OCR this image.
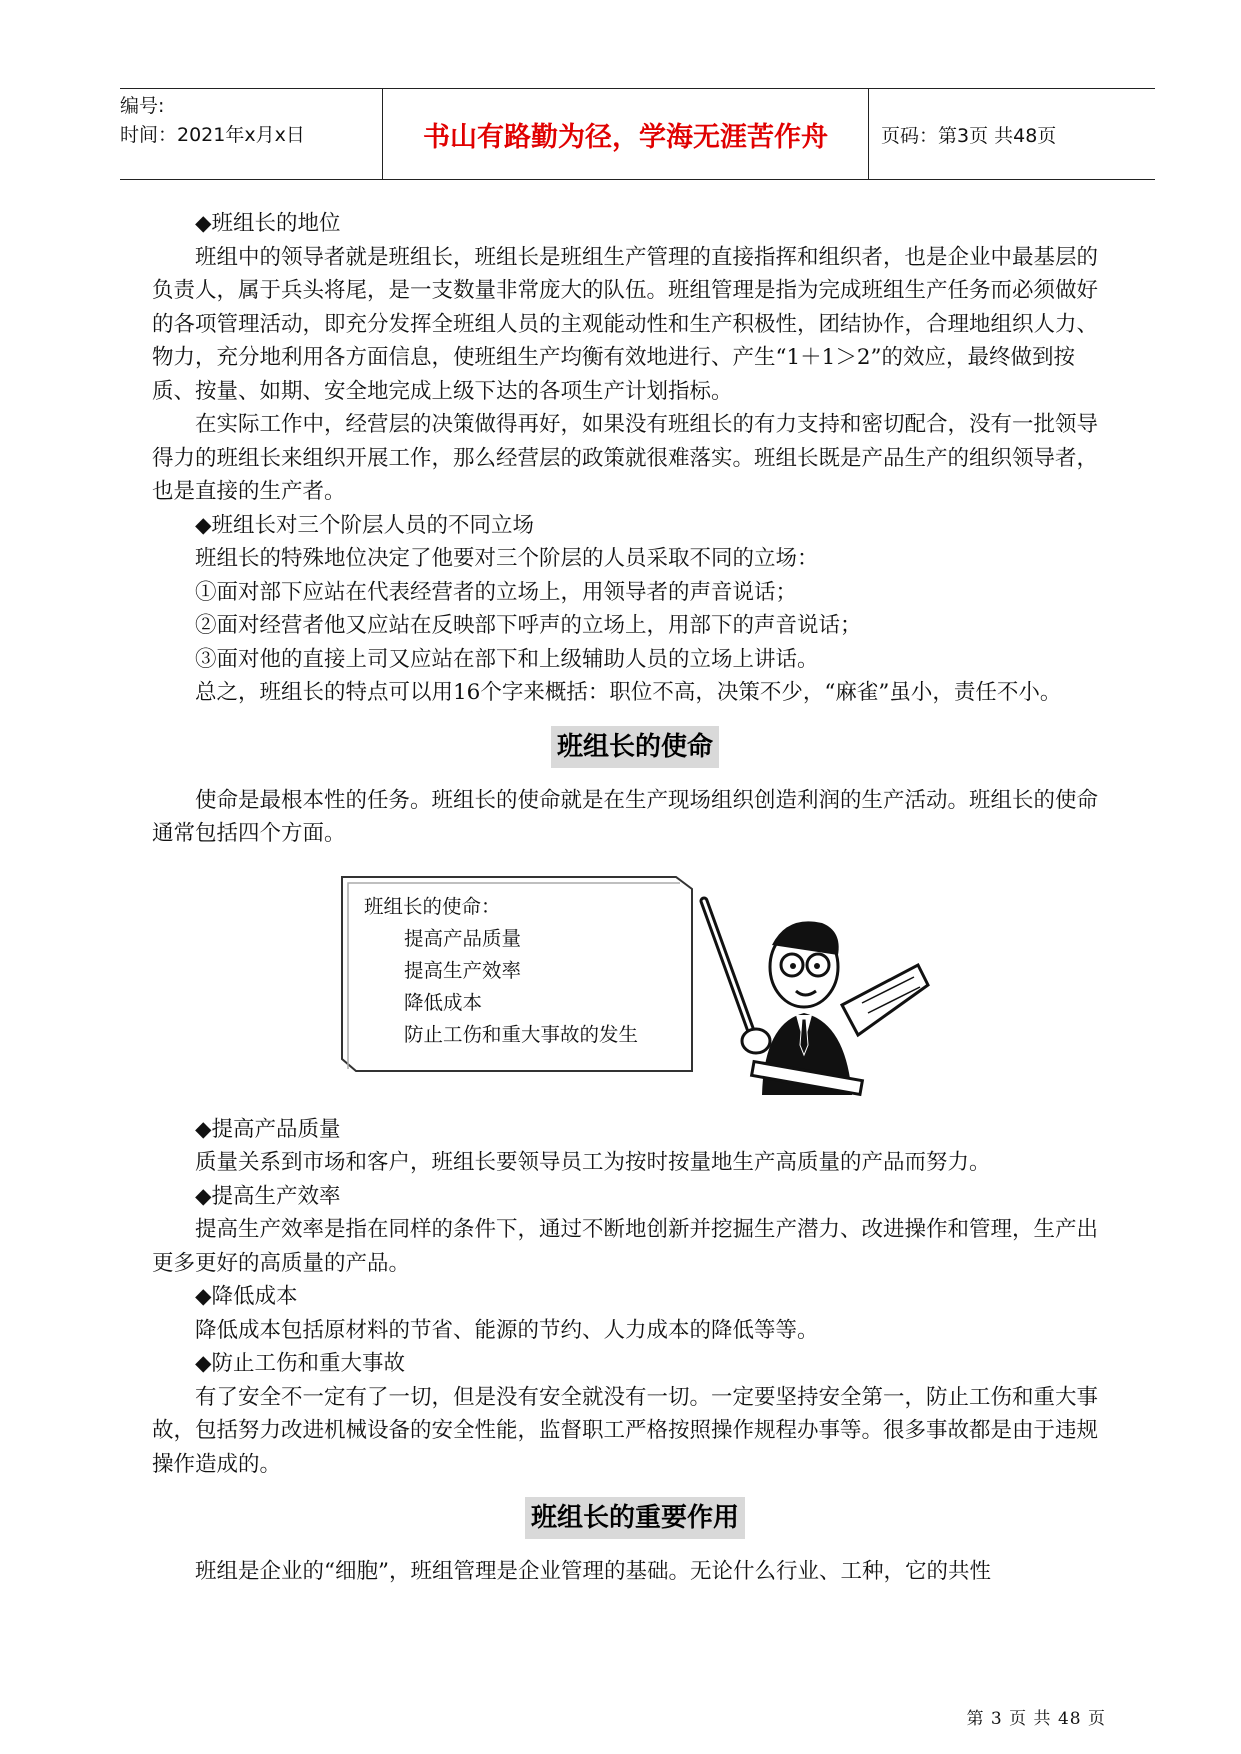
编号:
时间：2021年x月x日	书山有路勤为径，学海无涯苦作舟	页码：第3页 共48页

◆班组长的地位

班组中的领导者就是班组长，班组长是班组生产管理的直接指挥和组织者，也是企业中最基层的负责人，属于兵头将尾，是一支数量非常庞大的队伍。班组管理是指为完成班组生产任务而必须做好的各项管理活动，即充分发挥全班组人员的主观能动性和生产积极性，团结协作，合理地组织人力、物力，充分地利用各方面信息，使班组生产均衡有效地进行、产生“1＋1＞2”的效应，最终做到按质、按量、如期、安全地完成上级下达的各项生产计划指标。

在实际工作中，经营层的决策做得再好，如果没有班组长的有力支持和密切配合，没有一批领导得力的班组长来组织开展工作，那么经营层的政策就很难落实。班组长既是产品生产的组织领导者，也是直接的生产者。

◆班组长对三个阶层人员的不同立场

班组长的特殊地位决定了他要对三个阶层的人员采取不同的立场：

①面对部下应站在代表经营者的立场上，用领导者的声音说话；

②面对经营者他又应站在反映部下呼声的立场上，用部下的声音说话；

③面对他的直接上司又应站在部下和上级辅助人员的立场上讲话。

总之，班组长的特点可以用16个字来概括：职位不高，决策不少，“麻雀”虽小，责任不小。

班组长的使命

使命是最根本性的任务。班组长的使命就是在生产现场组织创造利润的生产活动。班组长的使命通常包括四个方面。

班组长的使命：
提高产品质量
提高生产效率
降低成本
防止工伤和重大事故的发生

◆提高产品质量

质量关系到市场和客户，班组长要领导员工为按时按量地生产高质量的产品而努力。

◆提高生产效率

提高生产效率是指在同样的条件下，通过不断地创新并挖掘生产潜力、改进操作和管理，生产出更多更好的高质量的产品。

◆降低成本

降低成本包括原材料的节省、能源的节约、人力成本的降低等等。

◆防止工伤和重大事故

有了安全不一定有了一切，但是没有安全就没有一切。一定要坚持安全第一，防止工伤和重大事故，包括努力改进机械设备的安全性能，监督职工严格按照操作规程办事等。很多事故都是由于违规操作造成的。

班组长的重要作用

班组是企业的“细胞”，班组管理是企业管理的基础。无论什么行业、工种，它的共性

第 3 页 共 48 页
